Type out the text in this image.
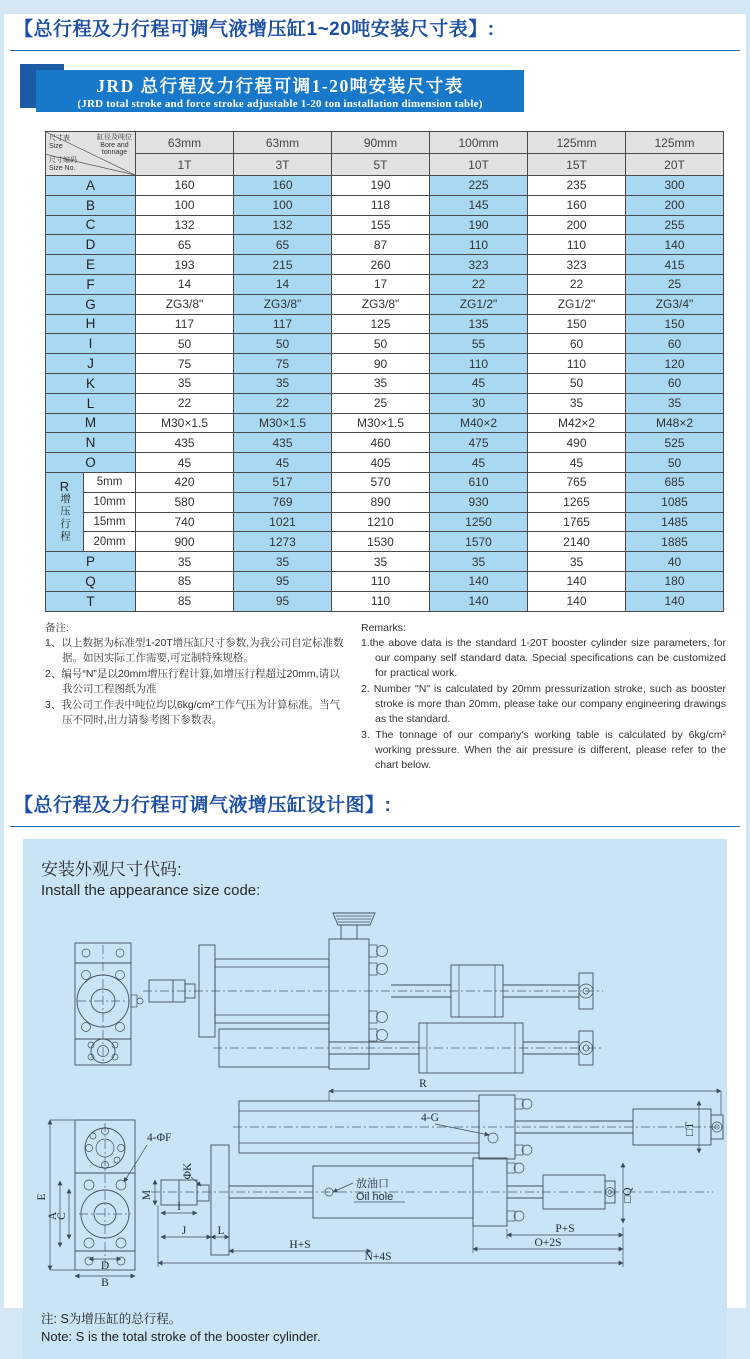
【总行程及力行程可调气液增压缸1~20吨安装尺寸表】:
JRD 总行程及力行程可调1-20吨安装尺寸表
(JRD total stroke and force stroke adjustable 1-20 ton installation dimension table)
尺寸表
Size
缸径及吨位
Bore and
tonnage
尺寸编码
Size No.
	63mm	63mm	90mm	100mm	125mm	125mm
		1T	3T	5T	10T	15T	20T
A		160	160	190	225	235	300
B		100	100	118	145	160	200
C		132	132	155	190	200	255
D		65	65	87	110	110	140
E		193	215	260	323	323	415
F		14	14	17	22	22	25
G		ZG3/8"	ZG3/8"	ZG3/8"	ZG1/2"	ZG1/2"	ZG3/4"
H		117	117	125	135	150	150
I		50	50	50	55	60	60
J		75	75	90	110	110	120
K		35	35	35	45	50	60
L		22	22	25	30	35	35
M		M30×1.5	M30×1.5	M30×1.5	M40×2	M42×2	M48×2
N		435	435	460	475	490	525
O		45	45	405	45	45	50

R
增压行程	5mm	420	517	570	610	765	685
	10mm	580	769	890	930	1265	1085
	15mm	740	1021	1210	1250	1765	1485
	20mm	900	1273	1530	1570	2140	1885
P		35	35	35	35	35	40
Q		85	95	110	140	140	180
T		85	95	110	140	140	140
备注:
1、以上数据为标准型1-20T增压缸尺寸参数,为我公司自定标准数据。如因实际工作需要,可定制特殊规格。
2、编号“N”是以20mm增压行程计算,如增压行程超过20mm,请以我公司工程图纸为准
3、我公司工作表中吨位均以6kg/cm²工作气压为计算标准。当气压不同时,出力请参考图下参数表。
Remarks:
1.the above data is the standard 1-20T booster cylinder size parameters, for our company self standard data. Special specifications can be customized for practical work.
2. Number "N" is calculated by 20mm pressurization stroke, such as booster stroke is more than 20mm, please take our company engineering drawings as the standard.
3. The tonnage of our company's working table is calculated by 6kg/cm² working pressure. When the air pressure is different, please refer to the chart below.
【总行程及力行程可调气液增压缸设计图】:
安装外观尺寸代码:
Install the appearance size code:
E
A
C
D
B
4-ΦF
M
ΦK
I
J	L
H+S
R
4-G
□T
放油口
Oil hole	□Q
P+S
O+2S
N+4S
注: S为增压缸的总行程。
Note: S is the total stroke of the booster cylinder.
